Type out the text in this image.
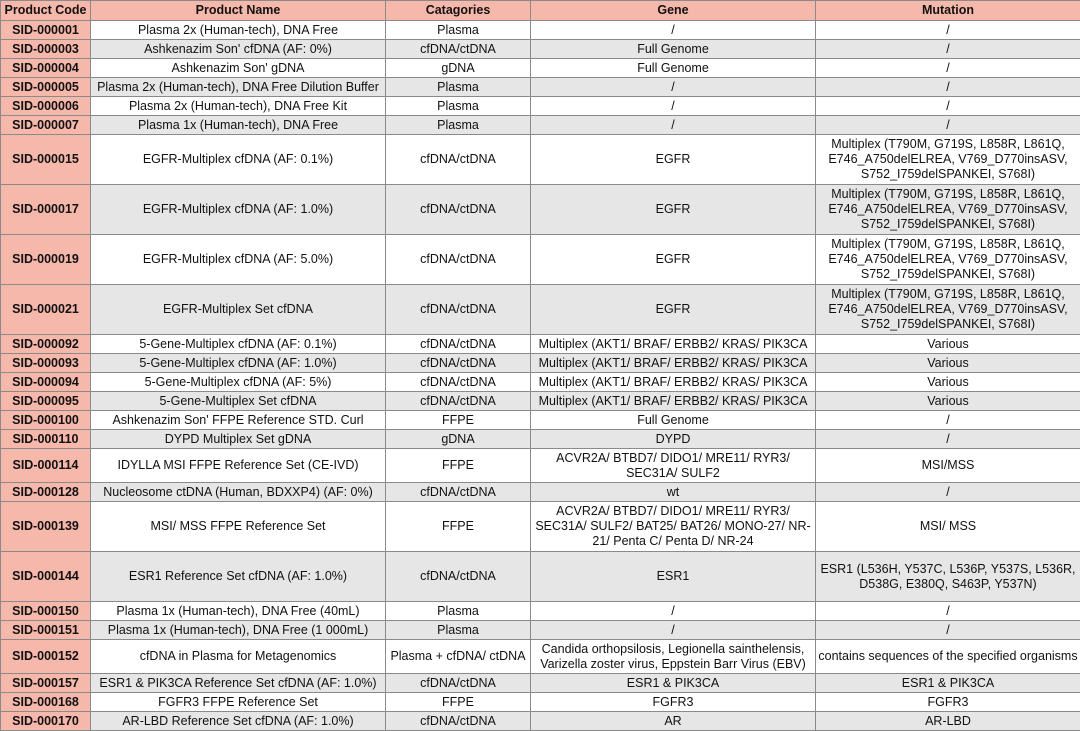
Product Code	Product Name	Catagories	Gene	Mutation
SID-000001	Plasma 2x (Human-tech), DNA Free	Plasma	/	/
SID-000003	Ashkenazim Son' cfDNA (AF: 0%)	cfDNA/ctDNA	Full Genome	/
SID-000004	Ashkenazim Son' gDNA	gDNA	Full Genome	/
SID-000005	Plasma 2x (Human-tech), DNA Free Dilution Buffer	Plasma	/	/
SID-000006	Plasma 2x (Human-tech), DNA Free Kit	Plasma	/	/
SID-000007	Plasma 1x (Human-tech), DNA Free	Plasma	/	/
SID-000015	EGFR-Multiplex cfDNA (AF: 0.1%)	cfDNA/ctDNA	EGFR	Multiplex (T790M, G719S, L858R, L861Q, E746_A750delELREA, V769_D770insASV, S752_I759delSPANKEI, S768I)
SID-000017	EGFR-Multiplex cfDNA (AF: 1.0%)	cfDNA/ctDNA	EGFR	Multiplex (T790M, G719S, L858R, L861Q, E746_A750delELREA, V769_D770insASV, S752_I759delSPANKEI, S768I)
SID-000019	EGFR-Multiplex cfDNA (AF: 5.0%)	cfDNA/ctDNA	EGFR	Multiplex (T790M, G719S, L858R, L861Q, E746_A750delELREA, V769_D770insASV, S752_I759delSPANKEI, S768I)
SID-000021	EGFR-Multiplex Set cfDNA	cfDNA/ctDNA	EGFR	Multiplex (T790M, G719S, L858R, L861Q, E746_A750delELREA, V769_D770insASV, S752_I759delSPANKEI, S768I)
SID-000092	5-Gene-Multiplex cfDNA (AF: 0.1%)	cfDNA/ctDNA	Multiplex (AKT1/ BRAF/ ERBB2/ KRAS/ PIK3CA	Various
SID-000093	5-Gene-Multiplex cfDNA (AF: 1.0%)	cfDNA/ctDNA	Multiplex (AKT1/ BRAF/ ERBB2/ KRAS/ PIK3CA	Various
SID-000094	5-Gene-Multiplex cfDNA (AF: 5%)	cfDNA/ctDNA	Multiplex (AKT1/ BRAF/ ERBB2/ KRAS/ PIK3CA	Various
SID-000095	5-Gene-Multiplex Set cfDNA	cfDNA/ctDNA	Multiplex (AKT1/ BRAF/ ERBB2/ KRAS/ PIK3CA	Various
SID-000100	Ashkenazim Son' FFPE Reference STD. Curl	FFPE	Full Genome	/
SID-000110	DYPD Multiplex Set gDNA	gDNA	DYPD	/
SID-000114	IDYLLA MSI FFPE Reference Set (CE-IVD)	FFPE	ACVR2A/ BTBD7/ DIDO1/ MRE11/ RYR3/ SEC31A/ SULF2	MSI/MSS
SID-000128	Nucleosome ctDNA (Human, BDXXP4) (AF: 0%)	cfDNA/ctDNA	wt	/
SID-000139	MSI/ MSS FFPE Reference Set	FFPE	ACVR2A/ BTBD7/ DIDO1/ MRE11/ RYR3/ SEC31A/ SULF2/ BAT25/ BAT26/ MONO-27/ NR-21/ Penta C/ Penta D/ NR-24	MSI/ MSS
SID-000144	ESR1 Reference Set cfDNA (AF: 1.0%)	cfDNA/ctDNA	ESR1	ESR1 (L536H, Y537C, L536P, Y537S, L536R, D538G, E380Q, S463P, Y537N)
SID-000150	Plasma 1x (Human-tech), DNA Free (40mL)	Plasma	/	/
SID-000151	Plasma 1x (Human-tech), DNA Free (1 000mL)	Plasma	/	/
SID-000152	cfDNA in Plasma for Metagenomics	Plasma + cfDNA/ ctDNA	Candida orthopsilosis, Legionella sainthelensis, Varizella zoster virus, Eppstein Barr Virus (EBV)	contains sequences of the specified organisms
SID-000157	ESR1 & PIK3CA Reference Set cfDNA (AF: 1.0%)	cfDNA/ctDNA	ESR1 & PIK3CA	ESR1 & PIK3CA
SID-000168	FGFR3 FFPE Reference Set	FFPE	FGFR3	FGFR3
SID-000170	AR-LBD Reference Set cfDNA (AF: 1.0%)	cfDNA/ctDNA	AR	AR-LBD
